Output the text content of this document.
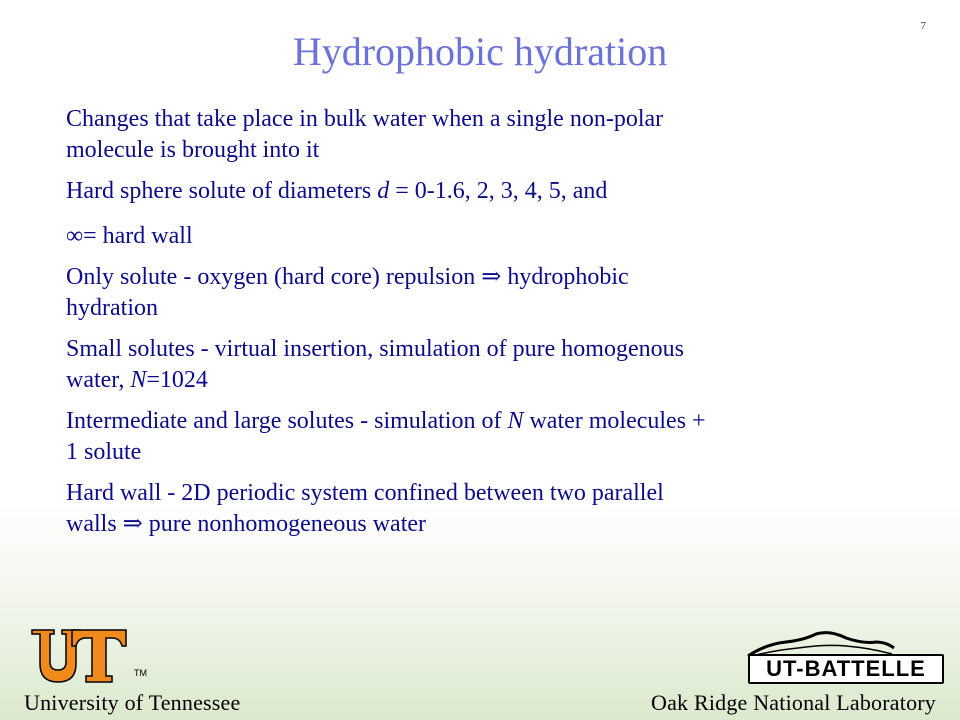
7
Hydrophobic hydration
Changes that take place in bulk water when a single non-polar
molecule is brought into it
Hard sphere solute of diameters d = 0-1.6, 2, 3, 4, 5, and
∞= hard wall
Only solute - oxygen (hard core) repulsion ⇒ hydrophobic
hydration
Small solutes - virtual insertion, simulation of pure homogenous
water, N=1024
Intermediate and large solutes - simulation of N water molecules +
1 solute
Hard wall - 2D periodic system confined between two parallel
walls ⇒ pure nonhomogeneous water
TM
University of Tennessee
UT-BATTELLE
Oak Ridge National Laboratory
